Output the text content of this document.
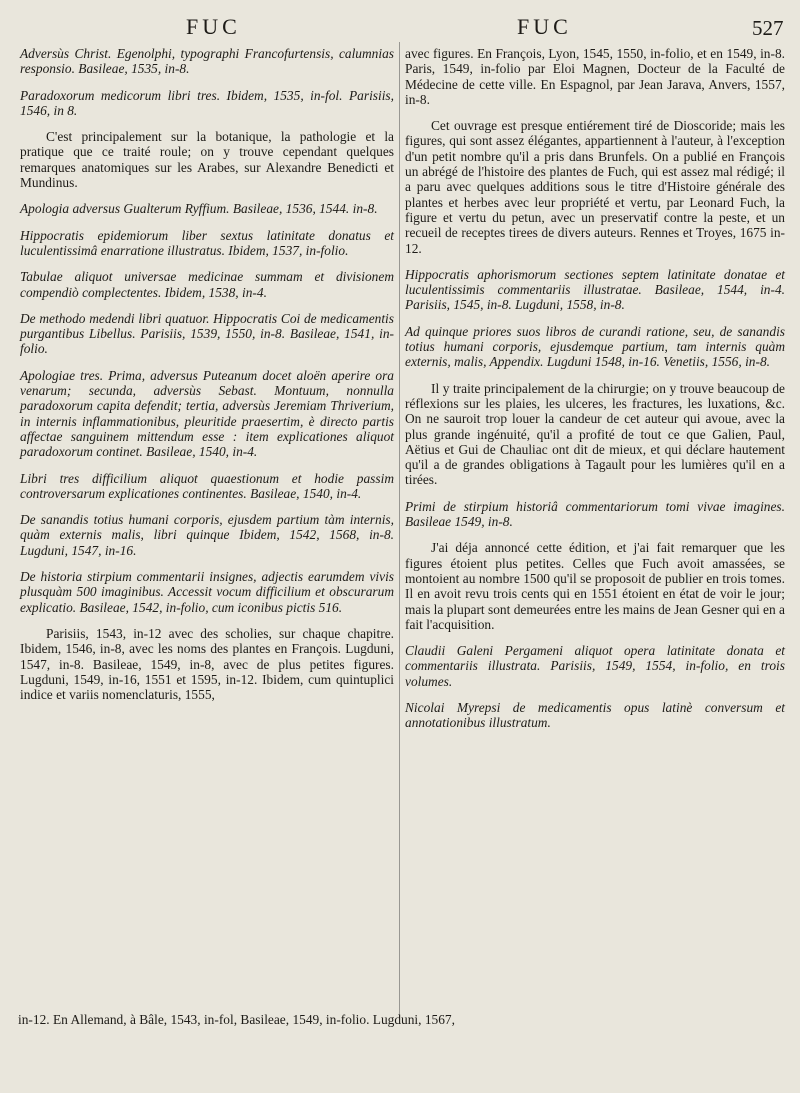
FUC	FUC	527

Adversùs Christ. Egenolphi, typographi Francofurtensis, calumnias responsio. Basileae, 1535, in-8.

Paradoxorum medicorum libri tres. Ibidem, 1535, in-fol. Parisiis, 1546, in 8.

C'est principalement sur la botanique, la pathologie et la pratique que ce traité roule; on y trouve cependant quelques remarques anatomiques sur les Arabes, sur Alexandre Benedicti et Mundinus.

Apologia adversus Gualterum Ryffium. Basileae, 1536, 1544. in-8.

Hippocratis epidemiorum liber sextus latinitate donatus et luculentissimâ enarratione illustratus. Ibidem, 1537, in-folio.

Tabulae aliquot universae medicinae summam et divisionem compendiò complectentes. Ibidem, 1538, in-4.

De methodo medendi libri quatuor. Hippocratis Coi de medicamentis purgantibus Libellus. Parisiis, 1539, 1550, in-8. Basileae, 1541, in-folio.

Apologiae tres. Prima, adversus Puteanum docet aloën aperire ora venarum; secunda, adversùs Sebast. Montuum, nonnulla paradoxorum capita defendit; tertia, adversùs Jeremiam Thriverium, in internis inflammationibus, pleuritide praesertim, è directo partis affectae sanguinem mittendum esse : item explicationes aliquot paradoxorum continet. Basileae, 1540, in-4.

Libri tres difficilium aliquot quaestionum et hodie passim controversarum explicationes continentes. Basileae, 1540, in-4.

De sanandis totius humani corporis, ejusdem partium tàm internis, quàm externis malis, libri quinque Ibidem, 1542, 1568, in-8. Lugduni, 1547, in-16.

De historia stirpium commentarii insignes, adjectis earumdem vivis plusquàm 500 imaginibus. Accessit vocum difficilium et obscurarum explicatio. Basileae, 1542, in-folio, cum iconibus pictis 516.

Parisiis, 1543, in-12 avec des scholies, sur chaque chapitre. Ibidem, 1546, in-8, avec les noms des plantes en François. Lugduni, 1547, in-8. Basileae, 1549, in-8, avec de plus petites figures. Lugduni, 1549, in-16, 1551 et 1595, in-12. Ibidem, cum quintuplici indice et variis nomenclaturis, 1555,

avec figures. En François, Lyon, 1545, 1550, in-folio, et en 1549, in-8. Paris, 1549, in-folio par Eloi Magnen, Docteur de la Faculté de Médecine de cette ville. En Espagnol, par Jean Jarava, Anvers, 1557, in-8.

Cet ouvrage est presque entiérement tiré de Dioscoride; mais les figures, qui sont assez élégantes, appartiennent à l'auteur, à l'exception d'un petit nombre qu'il a pris dans Brunfels. On a publié en François un abrégé de l'histoire des plantes de Fuch, qui est assez mal rédigé; il a paru avec quelques additions sous le titre d'Histoire générale des plantes et herbes avec leur propriété et vertu, par Leonard Fuch, la figure et vertu du petun, avec un preservatif contre la peste, et un recueil de receptes tirees de divers auteurs. Rennes et Troyes, 1675 in-12.

Hippocratis aphorismorum sectiones septem latinitate donatae et luculentissimis commentariis illustratae. Basileae, 1544, in-4. Parisiis, 1545, in-8. Lugduni, 1558, in-8.

Ad quinque priores suos libros de curandi ratione, seu, de sanandis totius humani corporis, ejusdemque partium, tam internis quàm externis, malis, Appendix. Lugduni 1548, in-16. Venetiis, 1556, in-8.

Il y traite principalement de la chirurgie; on y trouve beaucoup de réflexions sur les plaies, les ulceres, les fractures, les luxations, &c. On ne sauroit trop louer la candeur de cet auteur qui avoue, avec la plus grande ingénuité, qu'il a profité de tout ce que Galien, Paul, Aëtius et Gui de Chauliac ont dit de mieux, et qui déclare hautement qu'il a de grandes obligations à Tagault pour les lumières qu'il en a tirées.

Primi de stirpium historiâ commentariorum tomi vivae imagines. Basileae 1549, in-8.

J'ai déja annoncé cette édition, et j'ai fait remarquer que les figures étoient plus petites. Celles que Fuch avoit amassées, se montoient au nombre 1500 qu'il se proposoit de publier en trois tomes. Il en avoit revu trois cents qui en 1551 étoient en état de voir le jour; mais la plupart sont demeurées entre les mains de Jean Gesner qui en a fait l'acquisition.

Claudii Galeni Pergameni aliquot opera latinitate donata et commentariis illustrata. Parisiis, 1549, 1554, in-folio, en trois volumes.

Nicolai Myrepsi de medicamentis opus latinè conversum et annotationibus illustratum.

in-12. En Allemand, à Bâle, 1543, in-fol, Basileae, 1549, in-folio. Lugduni, 1567,
